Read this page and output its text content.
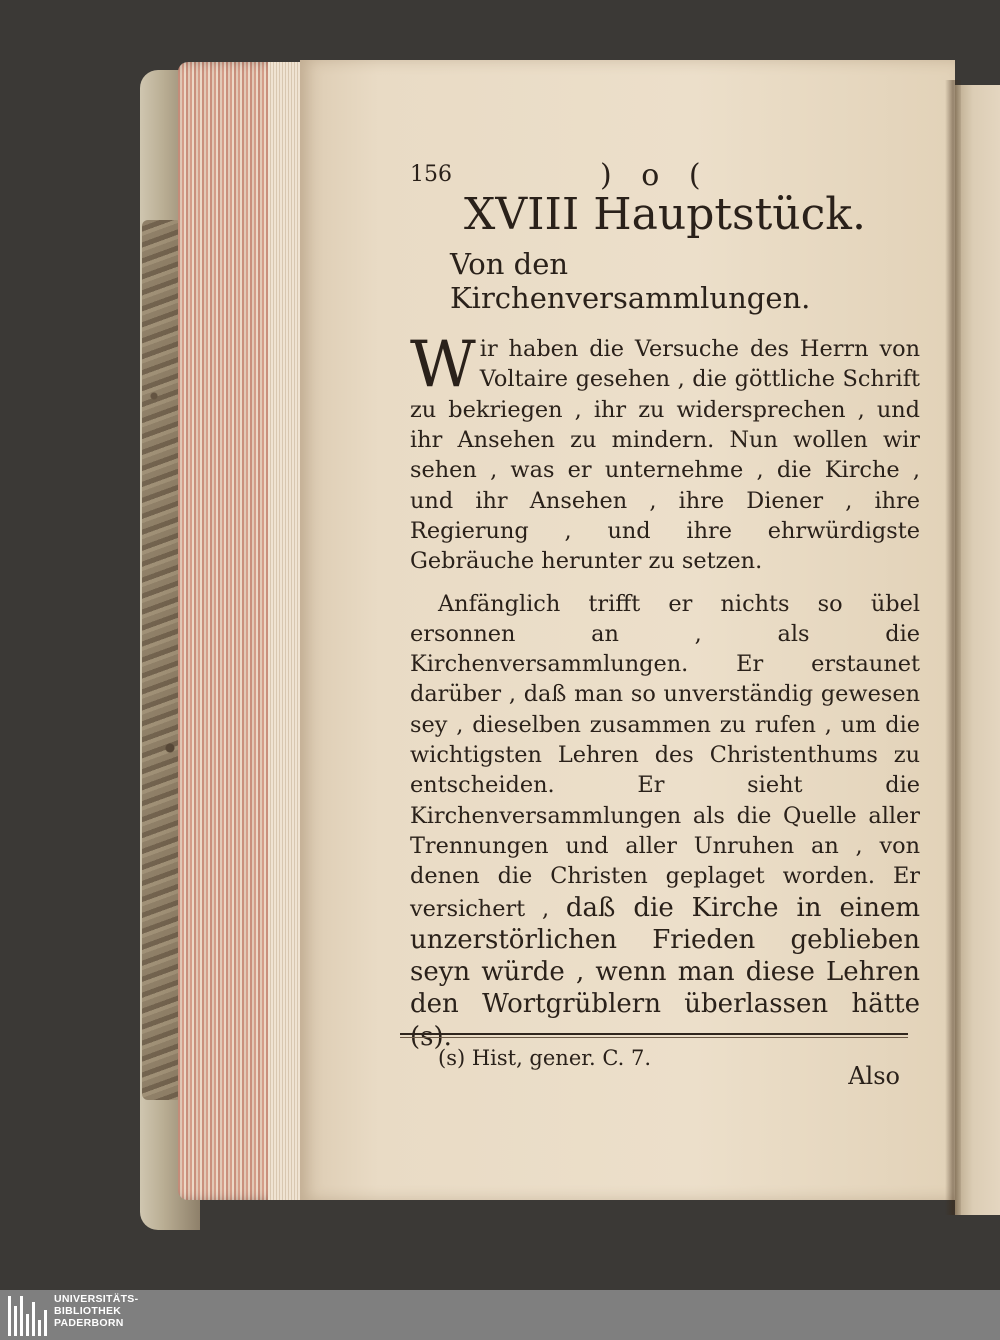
156	) o (
XVIII Hauptstück.
Von den Kirchenversammlungen.

Wir haben die Versuche des Herrn von Voltaire gesehen , die göttliche Schrift zu bekriegen , ihr zu widersprechen , und ihr Ansehen zu mindern. Nun wollen wir sehen , was er unternehme , die Kirche , und ihr Ansehen , ihre Diener , ihre Regierung , und ihre ehrwürdigste Gebräuche herunter zu setzen.

Anfänglich trifft er nichts so übel ersonnen an , als die Kirchenversammlungen. Er erstaunet darüber , daß man so unverständig gewesen sey , dieselben zusammen zu rufen , um die wichtigsten Lehren des Christenthums zu entscheiden. Er sieht die Kirchenversammlungen als die Quelle aller Trennungen und aller Unruhen an , von denen die Christen geplaget worden. Er versichert , daß die Kirche in einem unzerstörlichen Frieden geblieben seyn würde , wenn man diese Lehren den Wortgrüblern überlassen hätte

Also
(s) Hist, gener. C. 7.
UNIVERSITÄTS-
BIBLIOTHEK
PADERBORN
